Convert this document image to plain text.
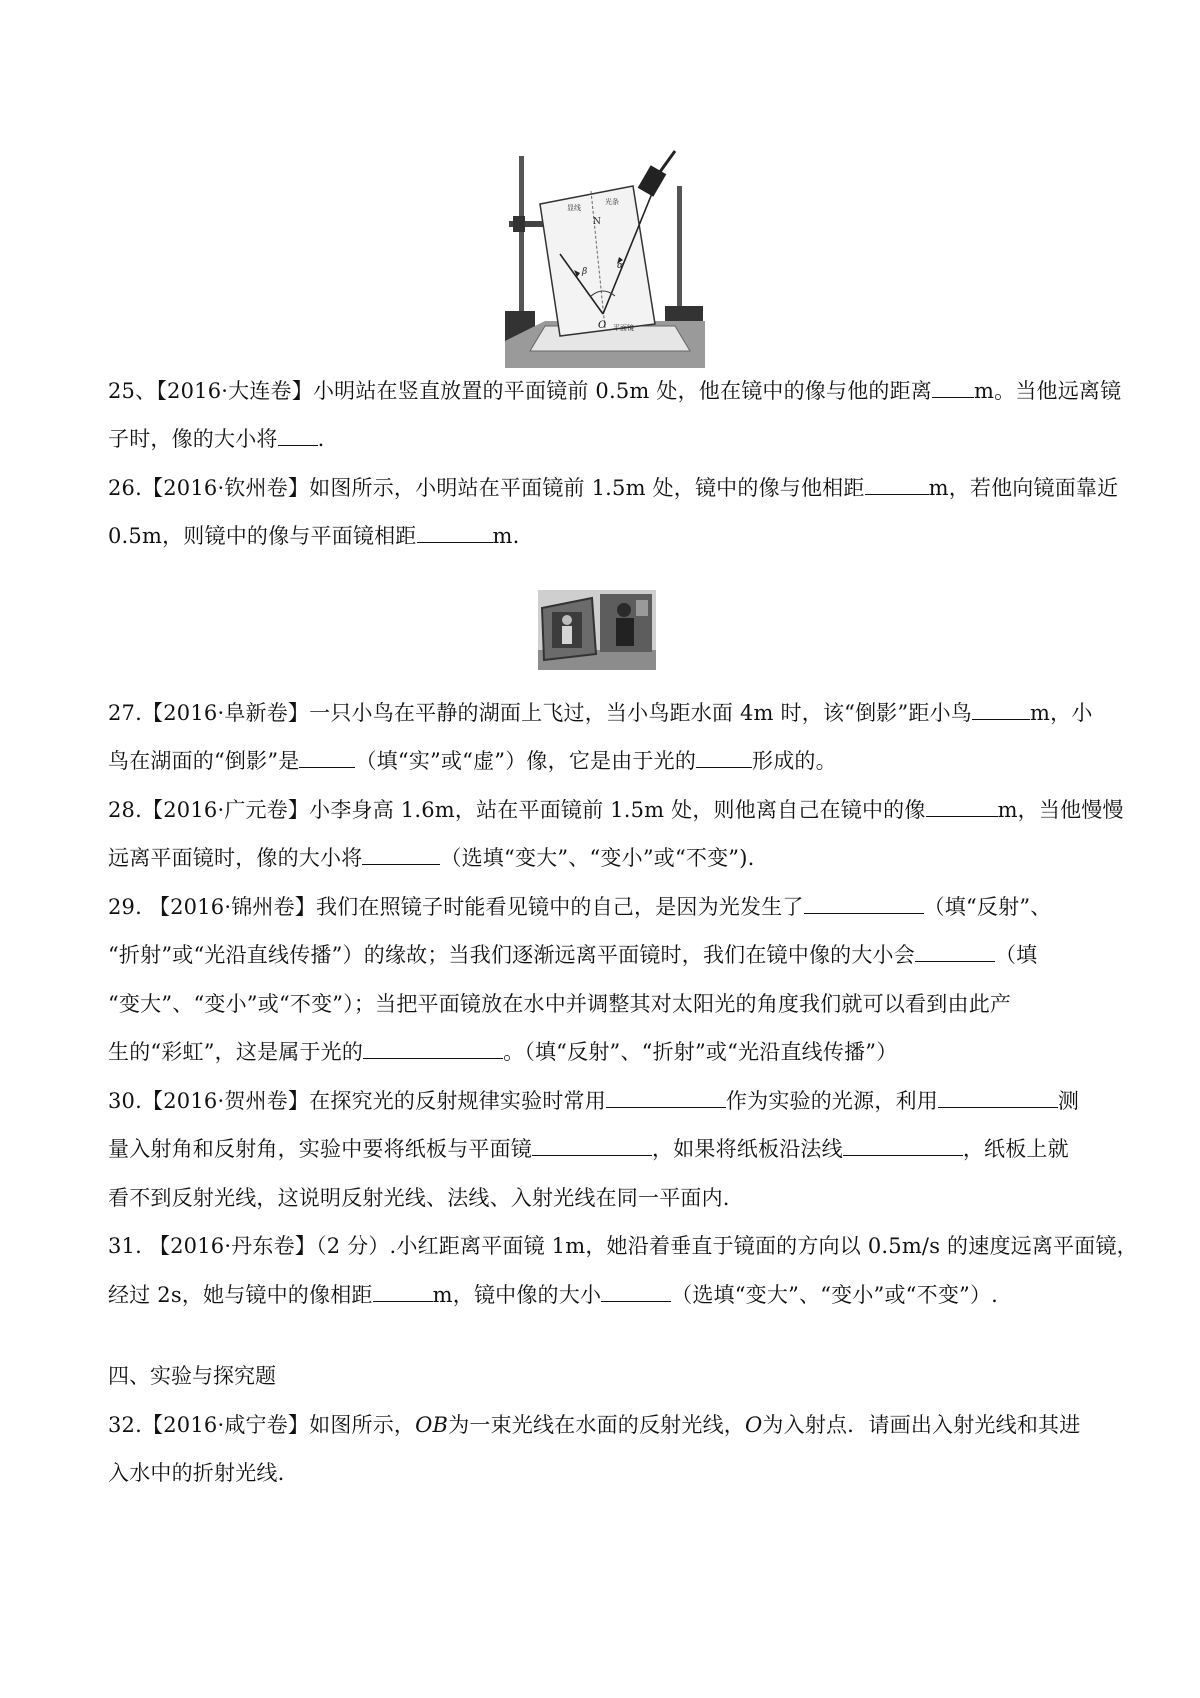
显线
光条
N
β
α
O 平面镜
25、【2016·大连卷】小明站在竖直放置的平面镜前 0.5m 处，他在镜中的像与他的距离 m。当他远离镜
子时，像的大小将 .
26.【2016·钦州卷】如图所示，小明站在平面镜前 1.5m 处，镜中的像与他相距	m，若他向镜面靠近
0.5m，则镜中的像与平面镜相距	m.
27.【2016·阜新卷】一只小鸟在平静的湖面上飞过，当小鸟距水面 4m 时，该“倒影”距小鸟	m，小
鸟在湖面的“倒影”是	（填“实”或“虚”）像，它是由于光的	形成的。
28.【2016·广元卷】小李身高 1.6m，站在平面镜前 1.5m 处，则他离自己在镜中的像	m，当他慢慢
远离平面镜时，像的大小将	（选填“变大”、“变小”或“不变”).
29. 【2016·锦州卷】我们在照镜子时能看见镜中的自己，是因为光发生了	（填“反射”、
“折射”或“光沿直线传播”）的缘故；当我们逐渐远离平面镜时，我们在镜中像的大小会	（填
“变大”、“变小”或“不变”）；当把平面镜放在水中并调整其对太阳光的角度我们就可以看到由此产
生的“彩虹”，这是属于光的	。（填“反射”、“折射”或“光沿直线传播”）
30.【2016·贺州卷】在探究光的反射规律实验时常用	作为实验的光源，利用	测
量入射角和反射角，实验中要将纸板与平面镜	，如果将纸板沿法线	，纸板上就
看不到反射光线，这说明反射光线、法线、入射光线在同一平面内.
31. 【2016·丹东卷】（2 分）.小红距离平面镜 1m，她沿着垂直于镜面的方向以 0.5m/s 的速度远离平面镜，
经过 2s，她与镜中的像相距	m，镜中像的大小	（选填“变大”、“变小”或“不变”）.
四、实验与探究题
32.【2016·咸宁卷】如图所示，OB为一束光线在水面的反射光线，O为入射点．请画出入射光线和其进
入水中的折射光线.
